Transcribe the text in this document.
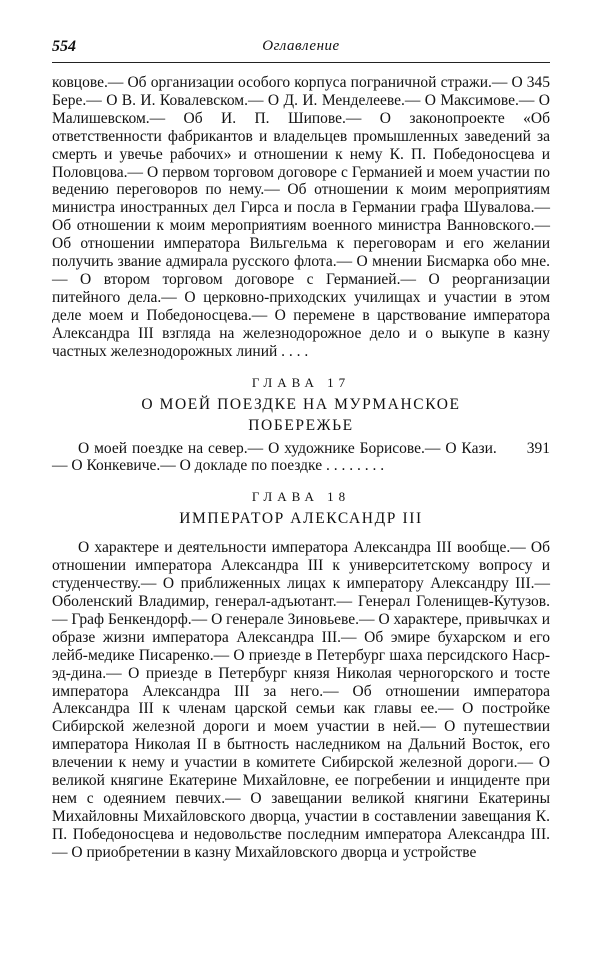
554	Оглавление

345
ковцове.— Об организации особого корпуса пограничной стражи.— О Бере.— О В. И. Ковалевском.— О Д. И. Менделееве.— О Максимове.— О Малишевском.— Об И. П. Шипове.— О законопроекте «Об ответственности фабрикантов и владельцев промышленных заведений за смерть и увечье рабочих» и отношении к нему К. П. Победоносцева и Половцова.— О первом торговом договоре с Германией и моем участии по ведению переговоров по нему.— Об отношении к моим мероприятиям министра иностранных дел Гирса и посла в Германии графа Шувалова.— Об отношении к моим мероприятиям военного министра Ванновского.— Об отношении императора Вильгельма к переговорам и его желании получить звание адмирала русского флота.— О мнении Бисмарка обо мне.— О втором торговом договоре с Германией.— О реорганизации питейного дела.— О церковно-приходских училищах и участии в этом деле моем и Победоносцева.— О перемене в царствование императора Александра III взгляда на железнодорожное дело и о выкупе в казну частных железнодорожных линий . . . .

ГЛАВА 17

О МОЕЙ ПОЕЗДКЕ НА МУРМАНСКОЕ

ПОБЕРЕЖЬЕ

391
О моей поездке на север.— О художнике Борисове.— О Кази.— О Конкевиче.— О докладе по поездке . . . . . . . .

ГЛАВА 18

ИМПЕРАТОР АЛЕКСАНДР III

О характере и деятельности императора Александра III вообще.— Об отношении императора Александра III к университетскому вопросу и студенчеству.— О приближенных лицах к императору Александру III.— Оболенский Владимир, генерал-адъютант.— Генерал Голенищев-Кутузов.— Граф Бенкендорф.— О генерале Зиновьеве.— О характере, привычках и образе жизни императора Александра III.— Об эмире бухарском и его лейб-медике Писаренко.— О приезде в Петербург шаха персидского Наср-эд-дина.— О приезде в Петербург князя Николая черногорского и тосте императора Александра III за него.— Об отношении императора Александра III к членам царской семьи как главы ее.— О постройке Сибирской железной дороги и моем участии в ней.— О путешествии императора Николая II в бытность наследником на Дальний Восток, его влечении к нему и участии в комитете Сибирской железной дороги.— О великой княгине Екатерине Михайловне, ее погребении и инциденте при нем с одеянием певчих.— О завещании великой княгини Екатерины Михайловны Михайловского дворца, участии в составлении завещания К. П. Победоносцева и недовольстве последним императора Александра III.— О приобретении в казну Михайловского дворца и устройстве
